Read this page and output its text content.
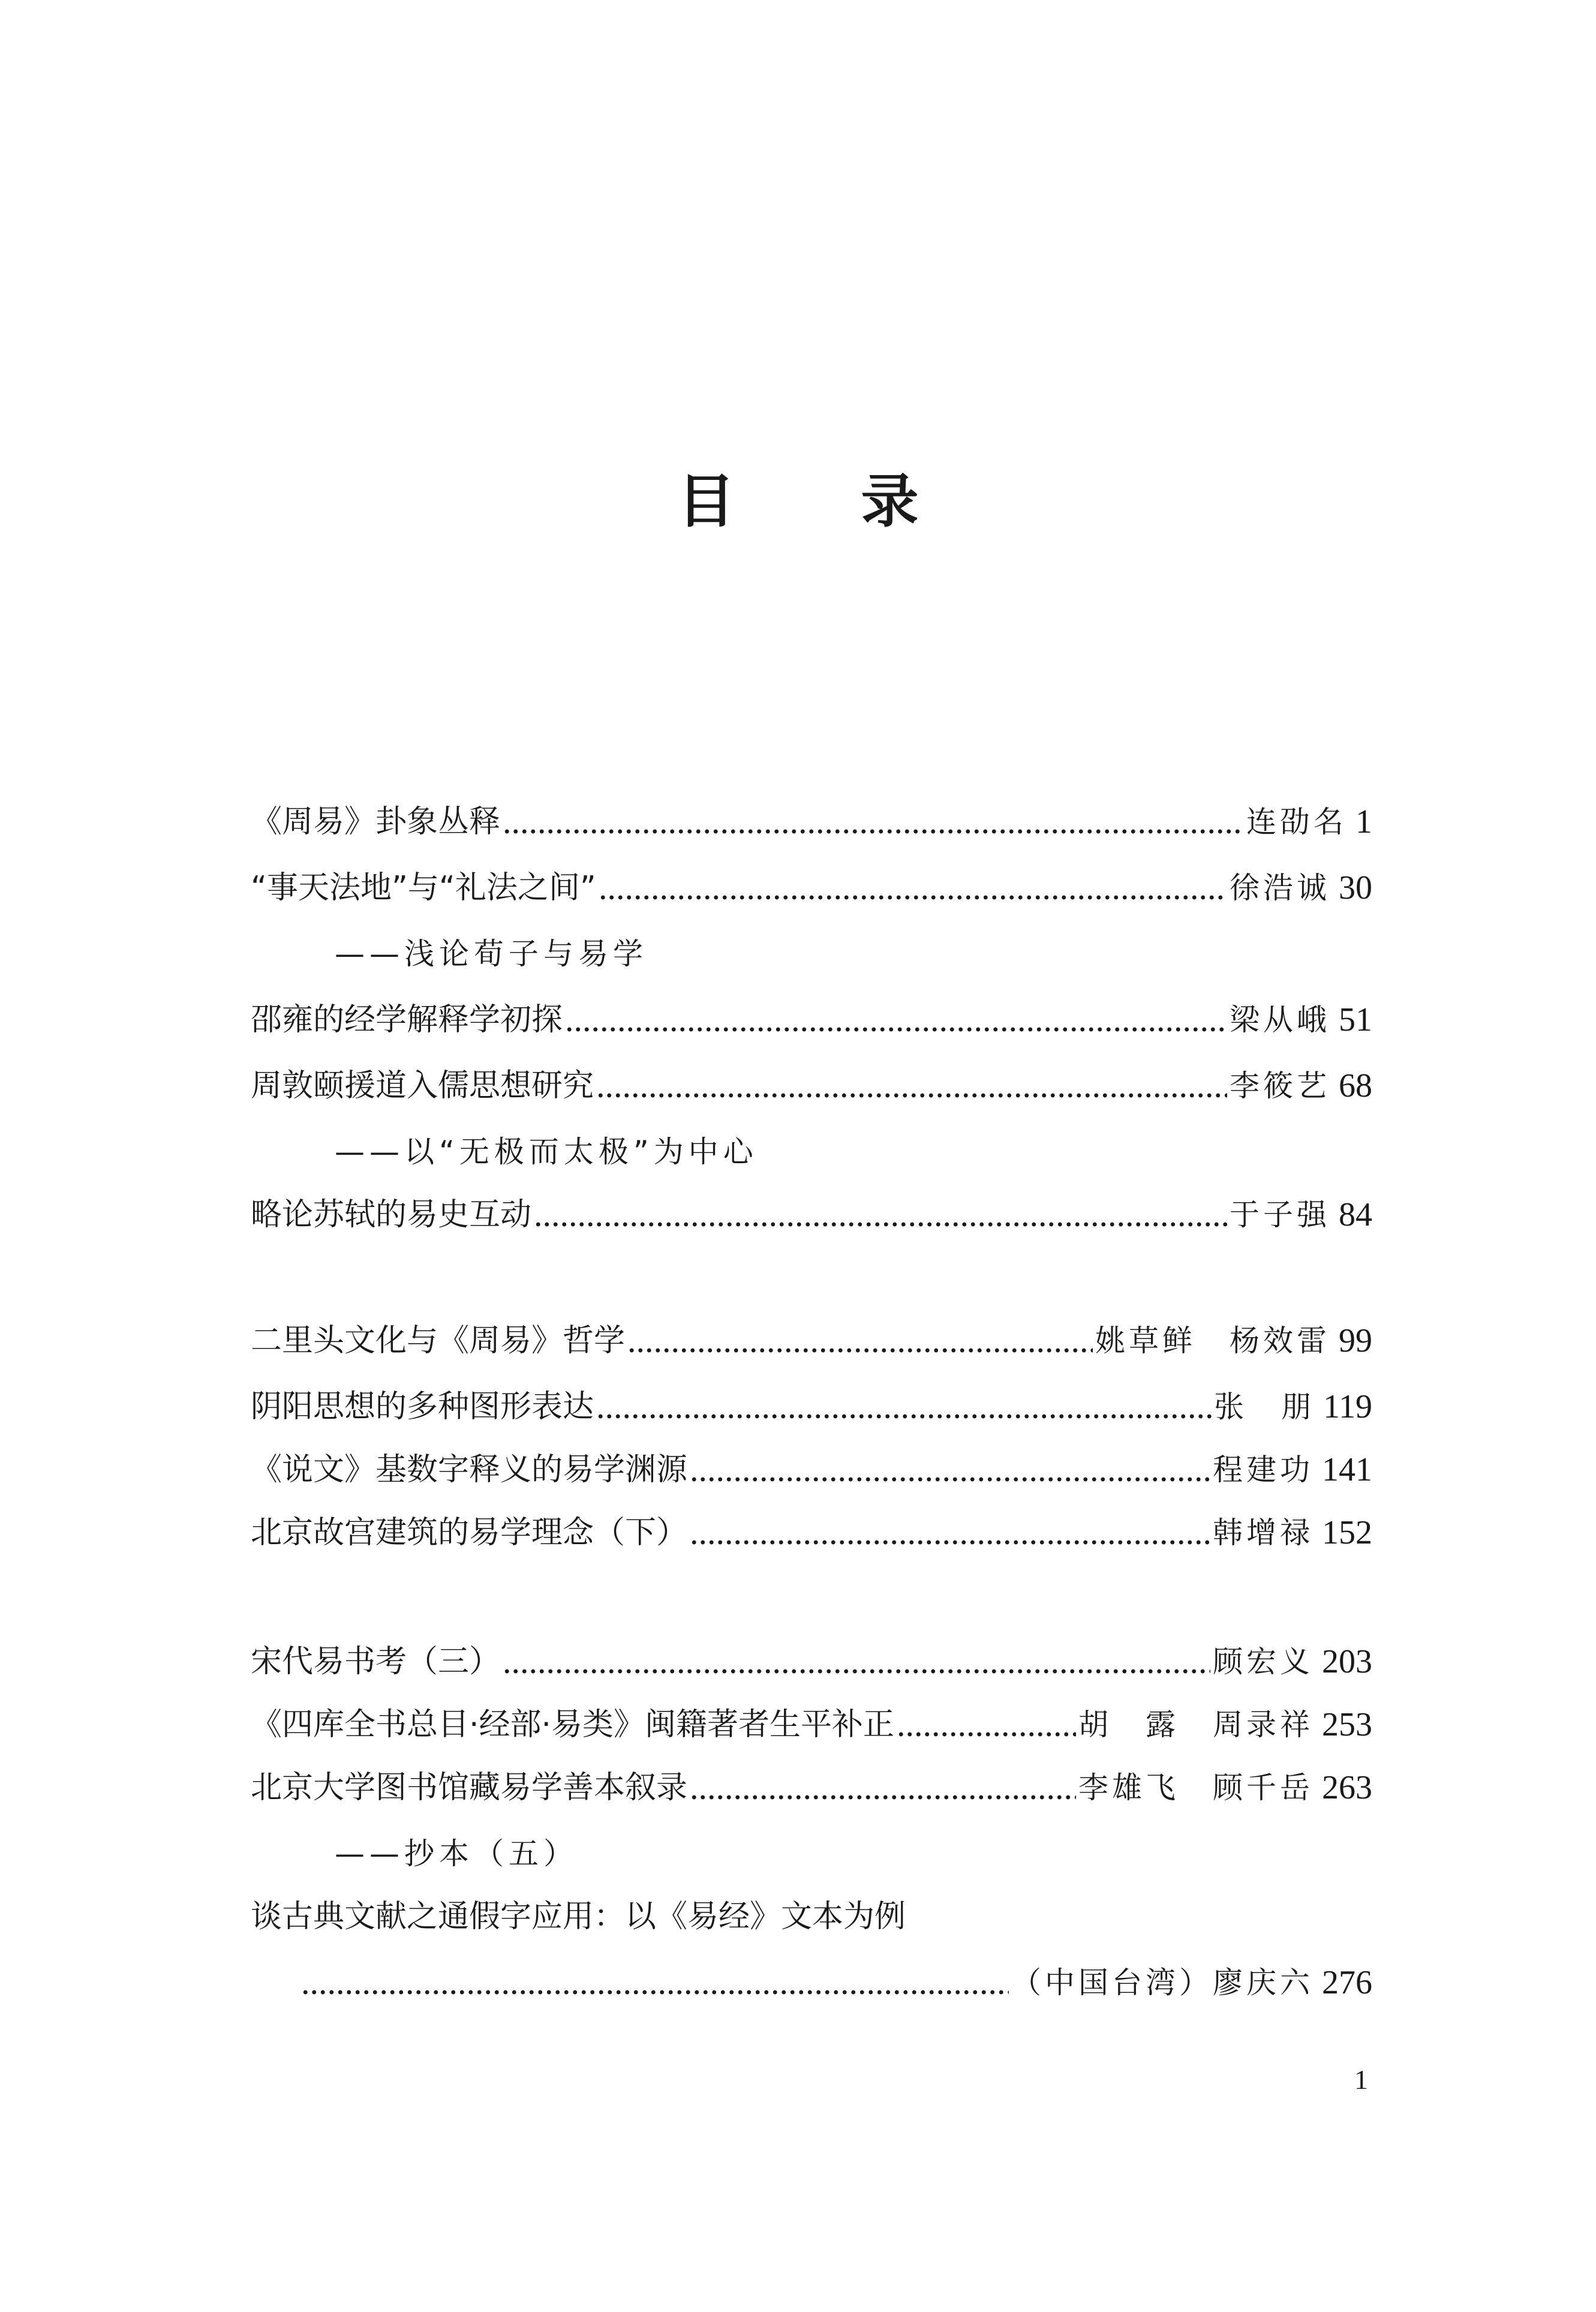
目 录
《周易》卦象丛释	连劭名 1
“事天法地”与“礼法之间”	徐浩诚 30
——浅论荀子与易学
邵雍的经学解释学初探	梁从峨 51
周敦颐援道入儒思想研究	李筱艺 68
——以“无极而太极”为中心
略论苏轼的易史互动	于子强 84
二里头文化与《周易》哲学	姚草鲜　杨效雷 99
阴阳思想的多种图形表达	张　朋 119
《说文》基数字释义的易学渊源	程建功 141
北京故宫建筑的易学理念（下）	韩增禄 152
宋代易书考（三）	顾宏义 203
《四库全书总目·经部·易类》闽籍著者生平补正	胡　露　周录祥 253
北京大学图书馆藏易学善本叙录	李雄飞　顾千岳 263
——抄本（五）
谈古典文献之通假字应用：以《易经》文本为例
（中国台湾）廖庆六 276
1
